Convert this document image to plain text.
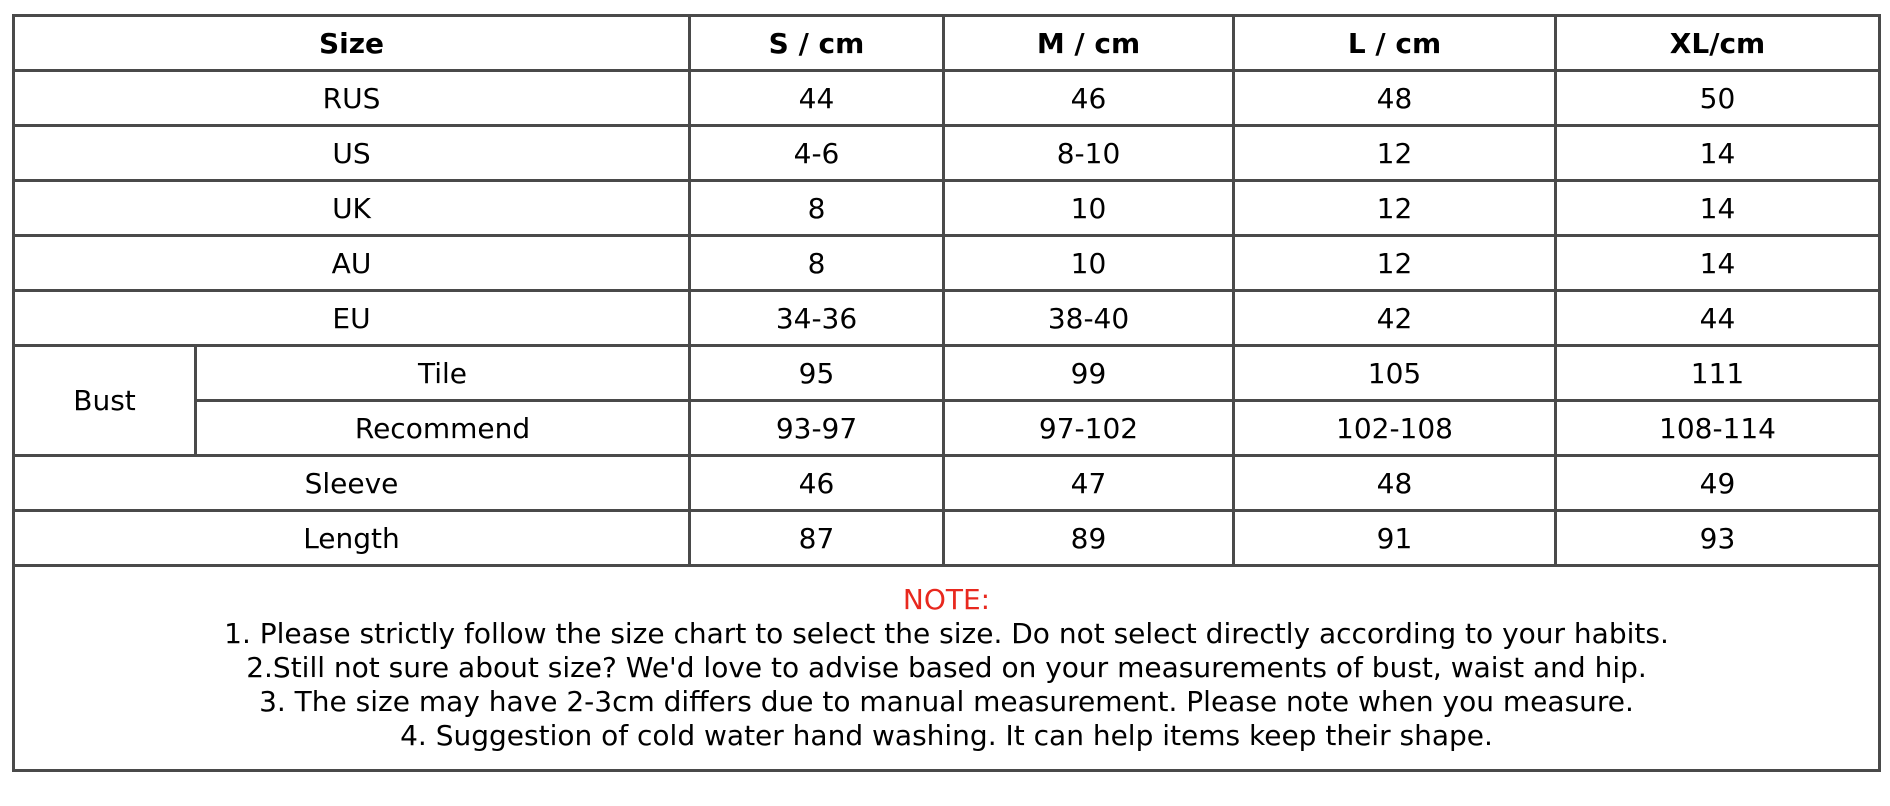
Size		S / cm	M / cm	L / cm	XL/cm
RUS		44	46	48	50
US		4-6	8-10	12	14
UK		8	10	12	14
AU		8	10	12	14
EU		34-36	38-40	42	44
Bust	Tile	95	99	105	111
	Recommend	93-97	97-102	102-108	108-114
Sleeve		46	47	48	49
Length		87	89	91	93

NOTE:
1. Please strictly follow the size chart to select the size. Do not select directly according to your habits.
2.Still not sure about size? We'd love to advise based on your measurements of bust, waist and hip.
3. The size may have 2-3cm differs due to manual measurement. Please note when you measure.
4. Suggestion of cold water hand washing. It can help items keep their shape.					
